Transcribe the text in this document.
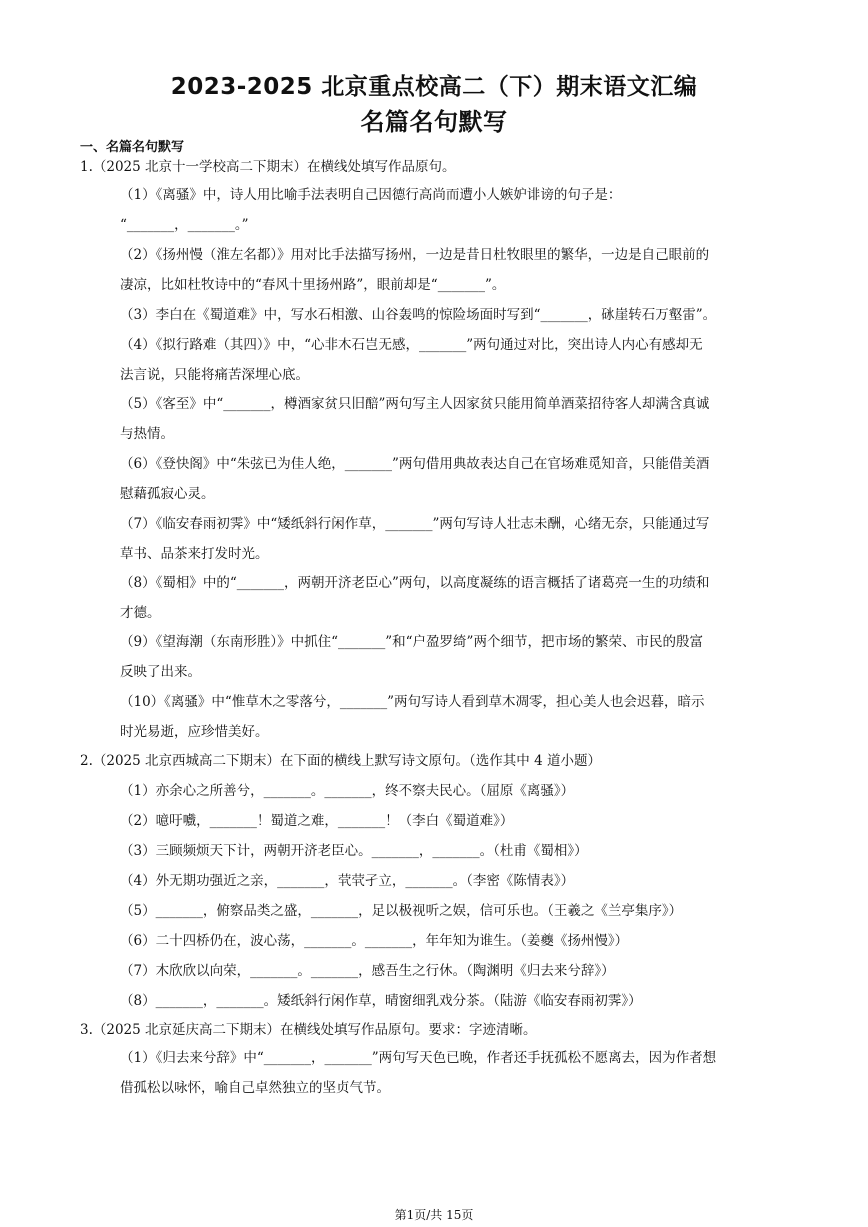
2023-2025 北京重点校高二（下）期末语文汇编
名篇名句默写
一、名篇名句默写
1.（2025 北京十一学校高二下期末）在横线处填写作品原句。
（1）《离骚》中，诗人用比喻手法表明自己因德行高尚而遭小人嫉妒诽谤的句子是：
“_______，_______。”
（2）《扬州慢（淮左名都）》用对比手法描写扬州，一边是昔日杜牧眼里的繁华，一边是自己眼前的
凄凉，比如杜牧诗中的“春风十里扬州路”，眼前却是“_______”。
（3）李白在《蜀道难》中，写水石相激、山谷轰鸣的惊险场面时写到“_______，砯崖转石万壑雷”。
（4）《拟行路难（其四）》中，“心非木石岂无感，_______”两句通过对比，突出诗人内心有感却无
法言说，只能将痛苦深埋心底。
（5）《客至》中“_______，樽酒家贫只旧醅”两句写主人因家贫只能用简单酒菜招待客人却满含真诚
与热情。
（6）《登快阁》中“朱弦已为佳人绝，_______”两句借用典故表达自己在官场难觅知音，只能借美酒
慰藉孤寂心灵。
（7）《临安春雨初霁》中“矮纸斜行闲作草，_______”两句写诗人壮志未酬，心绪无奈，只能通过写
草书、品茶来打发时光。
（8）《蜀相》中的“_______，两朝开济老臣心”两句，以高度凝练的语言概括了诸葛亮一生的功绩和
才德。
（9）《望海潮（东南形胜）》中抓住“_______”和“户盈罗绮”两个细节，把市场的繁荣、市民的殷富
反映了出来。
（10）《离骚》中“惟草木之零落兮，_______”两句写诗人看到草木凋零，担心美人也会迟暮，暗示
时光易逝，应珍惜美好。
2.（2025 北京西城高二下期末）在下面的横线上默写诗文原句。（选作其中 4 道小题）
（1）亦余心之所善兮，_______。_______，终不察夫民心。（屈原《离骚》）
（2）噫吁嚱，_______！蜀道之难，_______！（李白《蜀道难》）
（3）三顾频烦天下计，两朝开济老臣心。_______，_______。（杜甫《蜀相》）
（4）外无期功强近之亲，_______，茕茕孑立，_______。（李密《陈情表》）
（5）_______，俯察品类之盛，_______，足以极视听之娱，信可乐也。（王羲之《兰亭集序》）
（6）二十四桥仍在，波心荡，_______。_______，年年知为谁生。（姜夔《扬州慢》）
（7）木欣欣以向荣，_______。_______，感吾生之行休。（陶渊明《归去来兮辞》）
（8）_______，_______。矮纸斜行闲作草，晴窗细乳戏分茶。（陆游《临安春雨初霁》）
3.（2025 北京延庆高二下期末）在横线处填写作品原句。要求：字迹清晰。
（1）《归去来兮辞》中“_______，_______”两句写天色已晚，作者还手抚孤松不愿离去，因为作者想
借孤松以咏怀，喻自己卓然独立的坚贞气节。
第1页/共 15页
